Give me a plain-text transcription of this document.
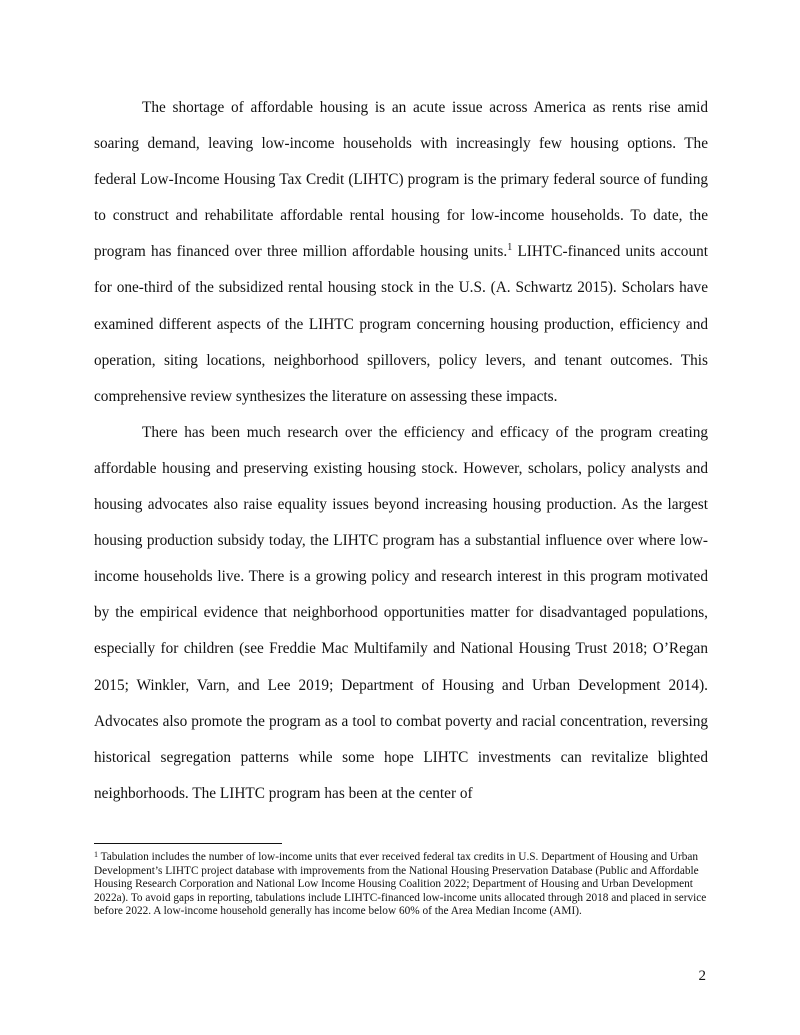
The shortage of affordable housing is an acute issue across America as rents rise amid soaring demand, leaving low-income households with increasingly few housing options. The federal Low-Income Housing Tax Credit (LIHTC) program is the primary federal source of funding to construct and rehabilitate affordable rental housing for low-income households. To date, the program has financed over three million affordable housing units.$^1$ LIHTC-financed units account for one-third of the subsidized rental housing stock in the U.S. (A. Schwartz 2015). Scholars have examined different aspects of the LIHTC program concerning housing production, efficiency and operation, siting locations, neighborhood spillovers, policy levers, and tenant outcomes. This comprehensive review synthesizes the literature on assessing these impacts.

There has been much research over the efficiency and efficacy of the program creating affordable housing and preserving existing housing stock. However, scholars, policy analysts and housing advocates also raise equality issues beyond increasing housing production. As the largest housing production subsidy today, the LIHTC program has a substantial influence over where low-income households live. There is a growing policy and research interest in this program motivated by the empirical evidence that neighborhood opportunities matter for disadvantaged populations, especially for children (see Freddie Mac Multifamily and National Housing Trust 2018; O’Regan 2015; Winkler, Varn, and Lee 2019; Department of Housing and Urban Development 2014). Advocates also promote the program as a tool to combat poverty and racial concentration, reversing historical segregation patterns while some hope LIHTC investments can revitalize blighted neighborhoods. The LIHTC program has been at the center of

$^1$ Tabulation includes the number of low-income units that ever received federal tax credits in U.S. Department of Housing and Urban Development’s LIHTC project database with improvements from the National Housing Preservation Database (Public and Affordable Housing Research Corporation and National Low Income Housing Coalition 2022; Department of Housing and Urban Development 2022a). To avoid gaps in reporting, tabulations include LIHTC-financed low-income units allocated through 2018 and placed in service before 2022. A low-income household generally has income below 60% of the Area Median Income (AMI).
2
